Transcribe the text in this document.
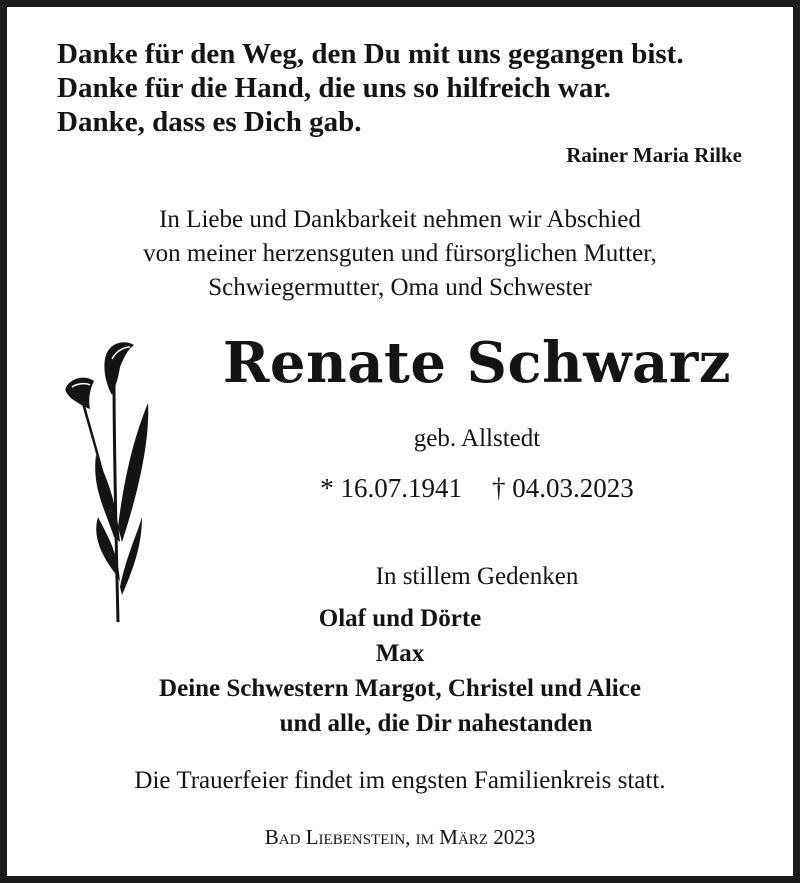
Danke für den Weg, den Du mit uns gegangen bist.
Danke für die Hand, die uns so hilfreich war.
Danke, dass es Dich gab.
Rainer Maria Rilke
In Liebe und Dankbarkeit nehmen wir Abschied
von meiner herzensguten und fürsorglichen Mutter,
Schwiegermutter, Oma und Schwester
Renate Schwarz
geb. Allstedt
* 16.07.1941 † 04.03.2023
In stillem Gedenken
Olaf und Dörte
Max
Deine Schwestern Margot, Christel und Alice
und alle, die Dir nahestanden
Die Trauerfeier findet im engsten Familienkreis statt.
Bad Liebenstein, im März 2023
